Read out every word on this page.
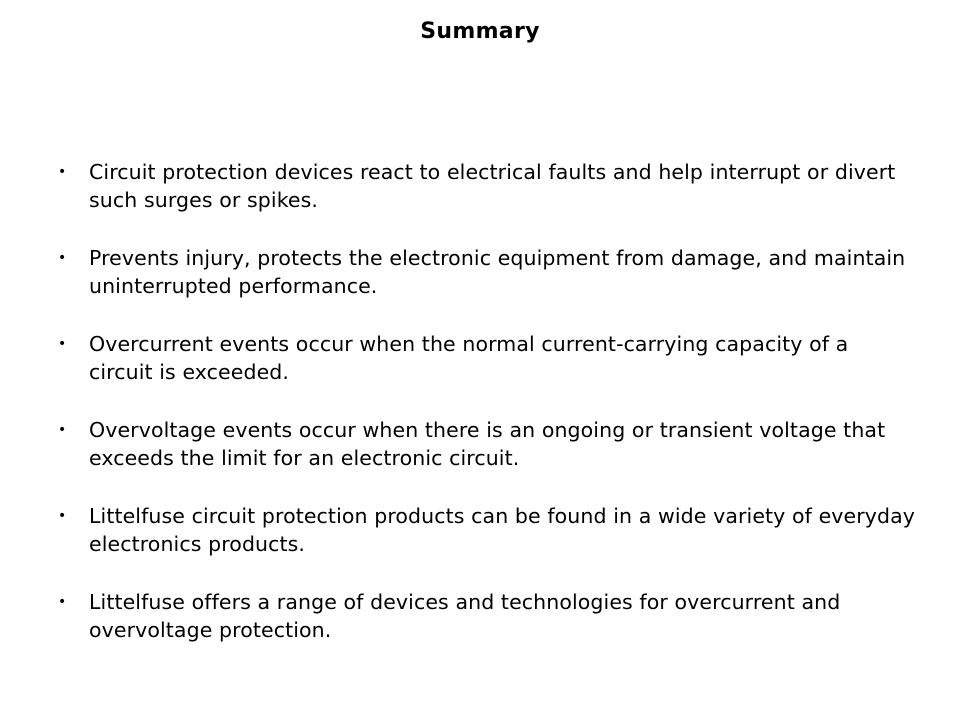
Summary
• Circuit protection devices react to electrical faults and help interrupt or divert such surges or spikes.
• Prevents injury, protects the electronic equipment from damage, and maintain uninterrupted performance.
• Overcurrent events occur when the normal current-carrying capacity of a circuit is exceeded.
• Overvoltage events occur when there is an ongoing or transient voltage that exceeds the limit for an electronic circuit.
• Littelfuse circuit protection products can be found in a wide variety of everyday electronics products.
• Littelfuse offers a range of devices and technologies for overcurrent and overvoltage protection.
